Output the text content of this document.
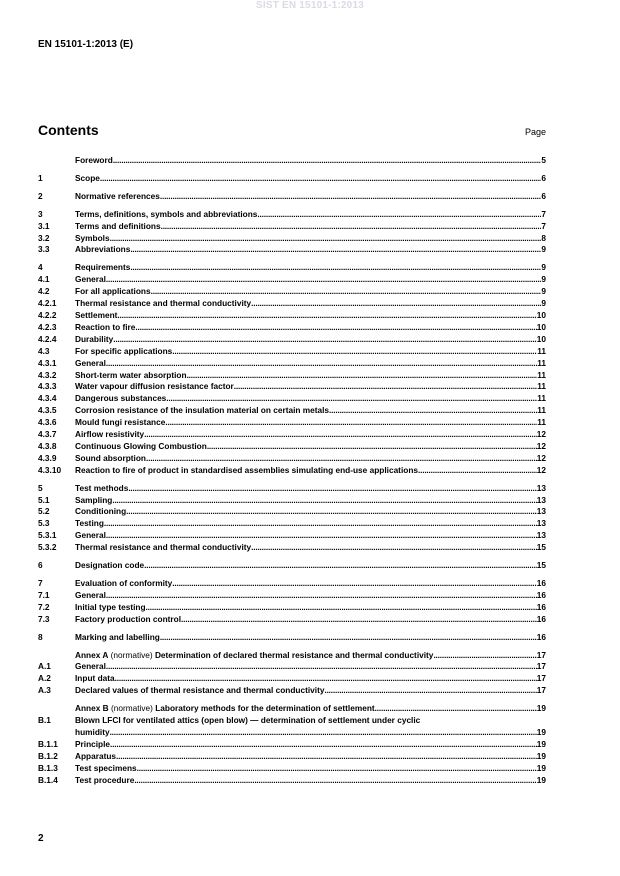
SIST EN 15101-1:2013
EN 15101-1:2013 (E)
Contents	Page
Foreword .....	5
1	Scope .....	6
2	Normative references .....	6
3	Terms, definitions, symbols and abbreviations .....	7
3.1	Terms and definitions .....	7
3.2	Symbols .....	8
3.3	Abbreviations .....	9
4	Requirements .....	9
4.1	General .....	9
4.2	For all applications .....	9
4.2.1	Thermal resistance and thermal conductivity .....	9
4.2.2	Settlement .....	10
4.2.3	Reaction to fire .....	10
4.2.4	Durability .....	10
4.3	For specific applications .....	11
4.3.1	General .....	11
4.3.2	Short-term water absorption .....	11
4.3.3	Water vapour diffusion resistance factor .....	11
4.3.4	Dangerous substances .....	11
4.3.5	Corrosion resistance of the insulation material on certain metals .....	11
4.3.6	Mould fungi resistance .....	11
4.3.7	Airflow resistivity .....	12
4.3.8	Continuous Glowing Combustion .....	12
4.3.9	Sound absorption .....	12
4.3.10	Reaction to fire of product in standardised assemblies simulating end-use applications .....	12
5	Test methods .....	13
5.1	Sampling .....	13
5.2	Conditioning .....	13
5.3	Testing .....	13
5.3.1	General .....	13
5.3.2	Thermal resistance and thermal conductivity .....	15
6	Designation code .....	15
7	Evaluation of conformity .....	16
7.1	General .....	16
7.2	Initial type testing .....	16
7.3	Factory production control .....	16
8	Marking and labelling .....	16
Annex A (normative) Determination of declared thermal resistance and thermal conductivity .....	17
A.1	General .....	17
A.2	Input data .....	17
A.3	Declared values of thermal resistance and thermal conductivity .....	17
Annex B (normative) Laboratory methods for the determination of settlement .....	19
B.1	Blown LFCI for ventilated attics (open blow) — determination of settlement under cyclic
humidity .....	19
B.1.1	Principle .....	19
B.1.2	Apparatus .....	19
B.1.3	Test specimens .....	19
B.1.4	Test procedure .....	19
2
